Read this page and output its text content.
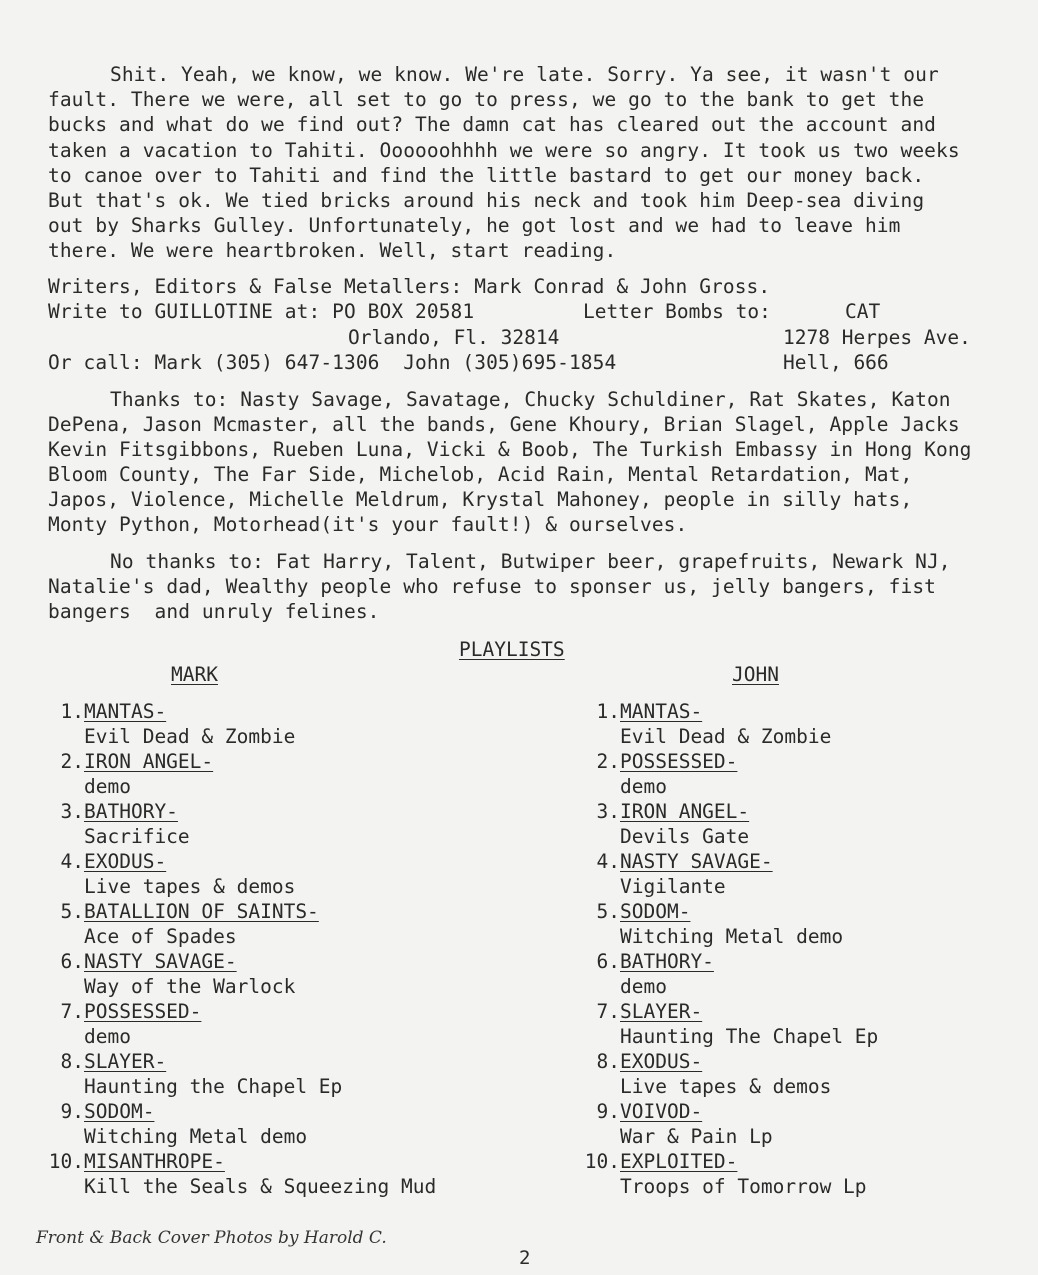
Shit. Yeah, we know, we know. We're late. Sorry. Ya see, it wasn't our
fault. There we were, all set to go to press, we go to the bank to get the
bucks and what do we find out? The damn cat has cleared out the account and
taken a vacation to Tahiti. Oooooohhhh we were so angry. It took us two weeks
to canoe over to Tahiti and find the little bastard to get our money back.
But that's ok. We tied bricks around his neck and took him Deep-sea diving
out by Sharks Gulley. Unfortunately, he got lost and we had to leave him
there. We were heartbroken. Well, start reading.
Writers, Editors & False Metallers: Mark Conrad & John Gross.
Write to GUILLOTINE at: PO BOX 20581
Orlando, Fl. 32814
Or call: Mark (305) 647-1306  John (305)695-1854
Letter Bombs to:	CAT
1278 Herpes Ave.
Hell, 666
Thanks to: Nasty Savage, Savatage, Chucky Schuldiner, Rat Skates, Katon
DePena, Jason Mcmaster, all the bands, Gene Khoury, Brian Slagel, Apple Jacks
Kevin Fitsgibbons, Rueben Luna, Vicki & Boob, The Turkish Embassy in Hong Kong
Bloom County, The Far Side, Michelob, Acid Rain, Mental Retardation, Mat,
Japos, Violence, Michelle Meldrum, Krystal Mahoney, people in silly hats,
Monty Python, Motorhead(it's your fault!) & ourselves.
No thanks to: Fat Harry, Talent, Butwiper beer, grapefruits, Newark NJ,
Natalie's dad, Wealthy people who refuse to sponser us, jelly bangers, fist
bangers  and unruly felines.
PLAYLISTS
MARK	JOHN
1. MANTAS-
Evil Dead & Zombie
2. IRON ANGEL-
demo
3. BATHORY-
Sacrifice
4. EXODUS-
Live tapes & demos
5. BATALLION OF SAINTS-
Ace of Spades
6. NASTY SAVAGE-
Way of the Warlock
7. POSSESSED-
demo
8. SLAYER-
Haunting the Chapel Ep
9. SODOM-
Witching Metal demo
10. MISANTHROPE-
Kill the Seals & Squeezing Mud
1. MANTAS-
Evil Dead & Zombie
2. POSSESSED-
demo
3. IRON ANGEL-
Devils Gate
4. NASTY SAVAGE-
Vigilante
5. SODOM-
Witching Metal demo
6. BATHORY-
demo
7. SLAYER-
Haunting The Chapel Ep
8. EXODUS-
Live tapes & demos
9. VOIVOD-
War & Pain Lp
10. EXPLOITED-
Troops of Tomorrow Lp
Front & Back Cover Photos by Harold C.
2
